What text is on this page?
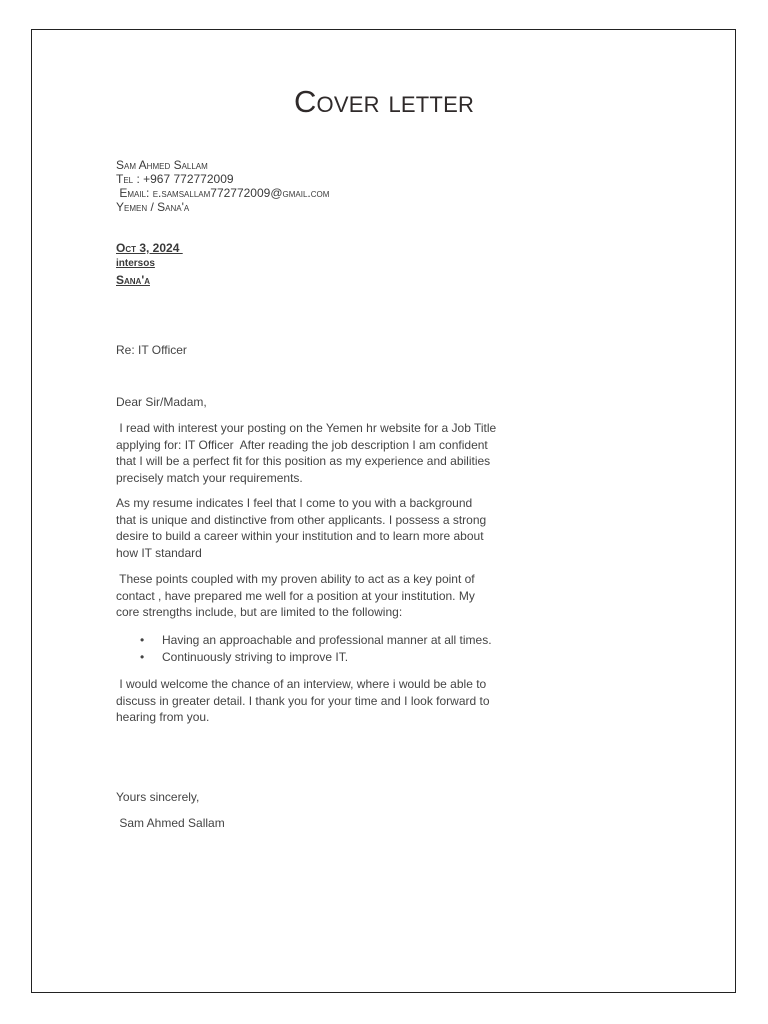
Cover letter
Sam Ahmed Sallam
Tel : +967 772772009
Email: e.samsallam772772009@gmail.com
Yemen / Sana'a
Oct 3, 2024
intersos
Sana'a
Re: IT Officer
Dear Sir/Madam,
I read with interest your posting on the Yemen hr website for a Job Title
applying for: IT Officer  After reading the job description I am confident
that I will be a perfect fit for this position as my experience and abilities
precisely match your requirements.
As my resume indicates I feel that I come to you with a background
that is unique and distinctive from other applicants. I possess a strong
desire to build a career within your institution and to learn more about
how IT standard
These points coupled with my proven ability to act as a key point of
contact , have prepared me well for a position at your institution. My
core strengths include, but are limited to the following:
• Having an approachable and professional manner at all times.
• Continuously striving to improve IT.
I would welcome the chance of an interview, where i would be able to
discuss in greater detail. I thank you for your time and I look forward to
hearing from you.
Yours sincerely,
Sam Ahmed Sallam
